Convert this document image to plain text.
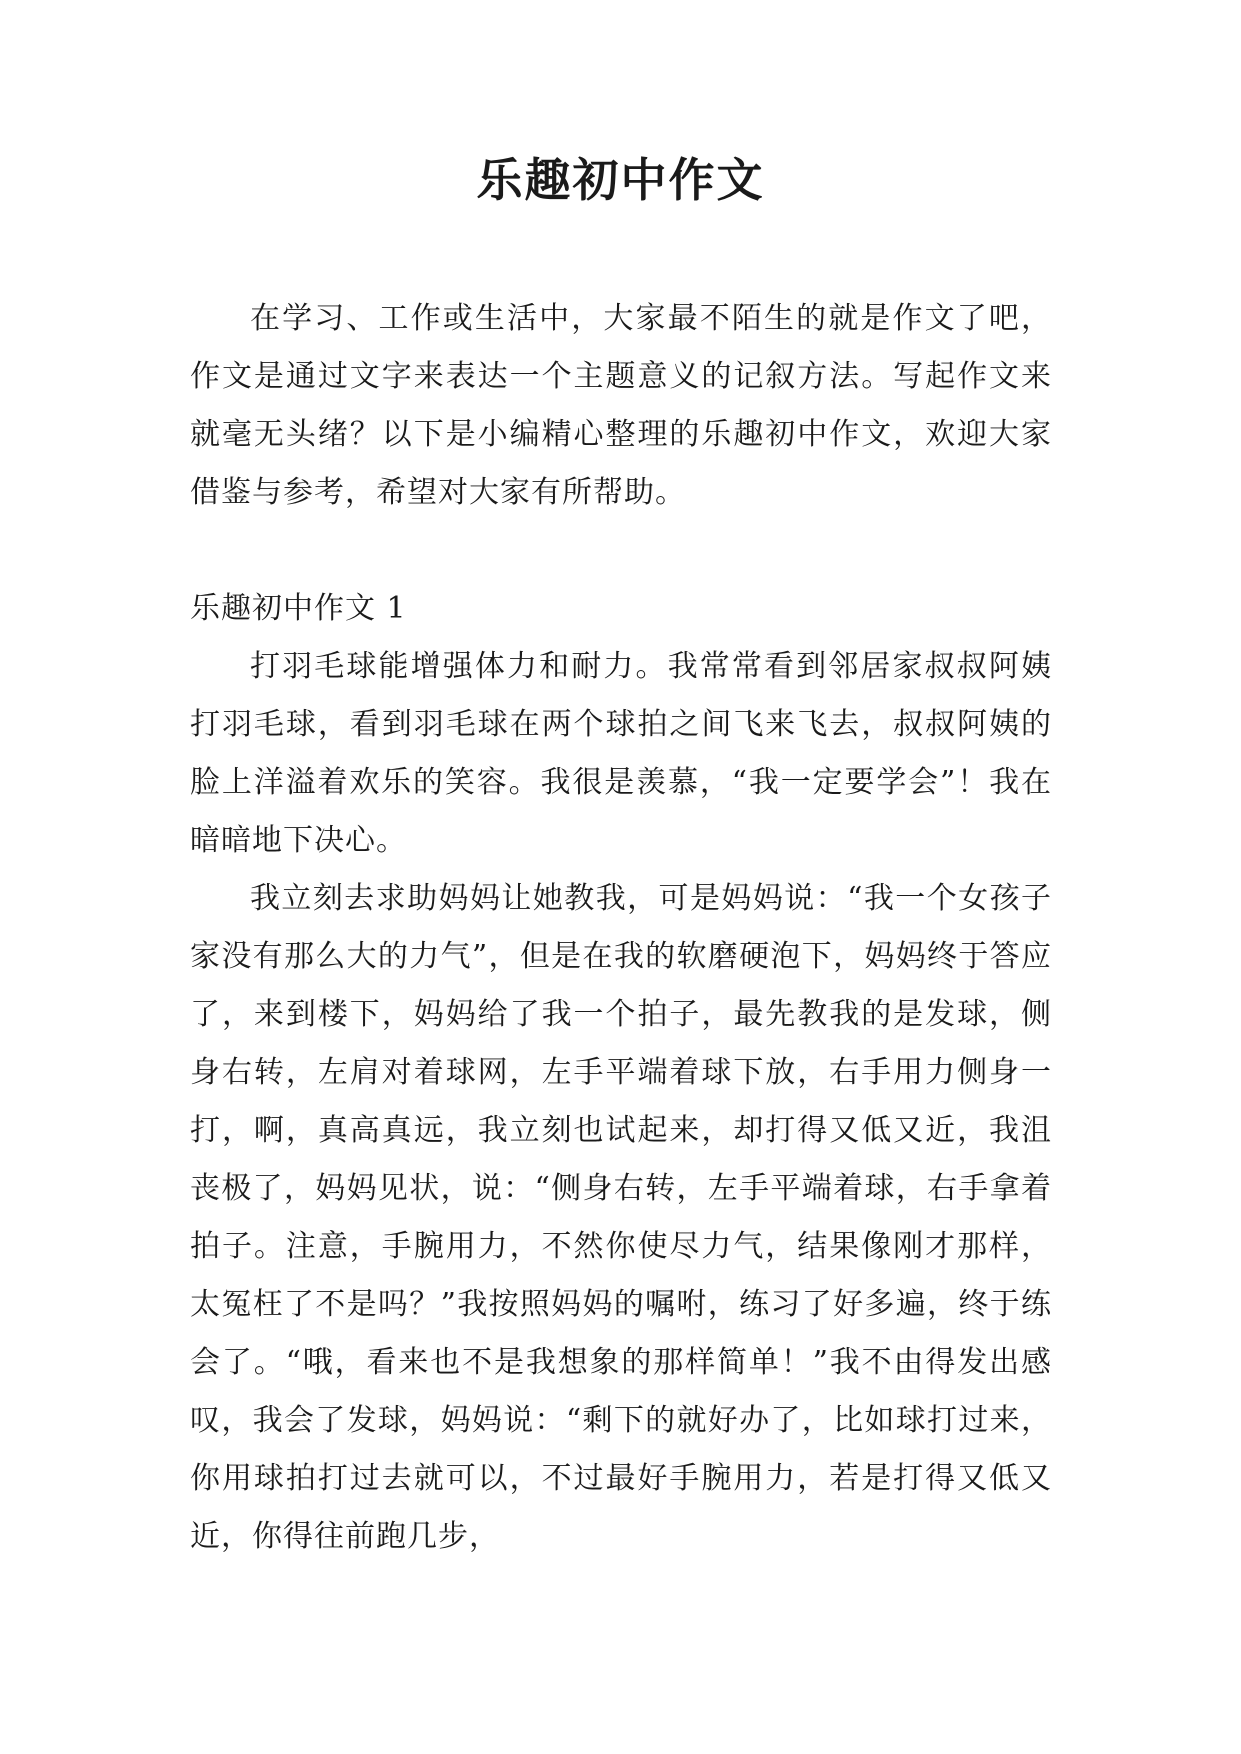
乐趣初中作文

在学习、工作或生活中，大家最不陌生的就是作文了吧，作文是通过文字来表达一个主题意义的记叙方法。写起作文来就毫无头绪？以下是小编精心整理的乐趣初中作文，欢迎大家借鉴与参考，希望对大家有所帮助。

乐趣初中作文 1

打羽毛球能增强体力和耐力。我常常看到邻居家叔叔阿姨打羽毛球，看到羽毛球在两个球拍之间飞来飞去，叔叔阿姨的脸上洋溢着欢乐的笑容。我很是羡慕，“我一定要学会”！我在暗暗地下决心。

我立刻去求助妈妈让她教我，可是妈妈说：“我一个女孩子家没有那么大的力气”，但是在我的软磨硬泡下，妈妈终于答应了，来到楼下，妈妈给了我一个拍子，最先教我的是发球，侧身右转，左肩对着球网，左手平端着球下放，右手用力侧身一打，啊，真高真远，我立刻也试起来，却打得又低又近，我沮丧极了，妈妈见状，说：“侧身右转，左手平端着球，右手拿着拍子。注意，手腕用力，不然你使尽力气，结果像刚才那样，太冤枉了不是吗？”我按照妈妈的嘱咐，练习了好多遍，终于练会了。“哦，看来也不是我想象的那样简单！”我不由得发出感叹，我会了发球，妈妈说：“剩下的就好办了，比如球打过来，你用球拍打过去就可以，不过最好手腕用力，若是打得又低又近，你得往前跑几步，
